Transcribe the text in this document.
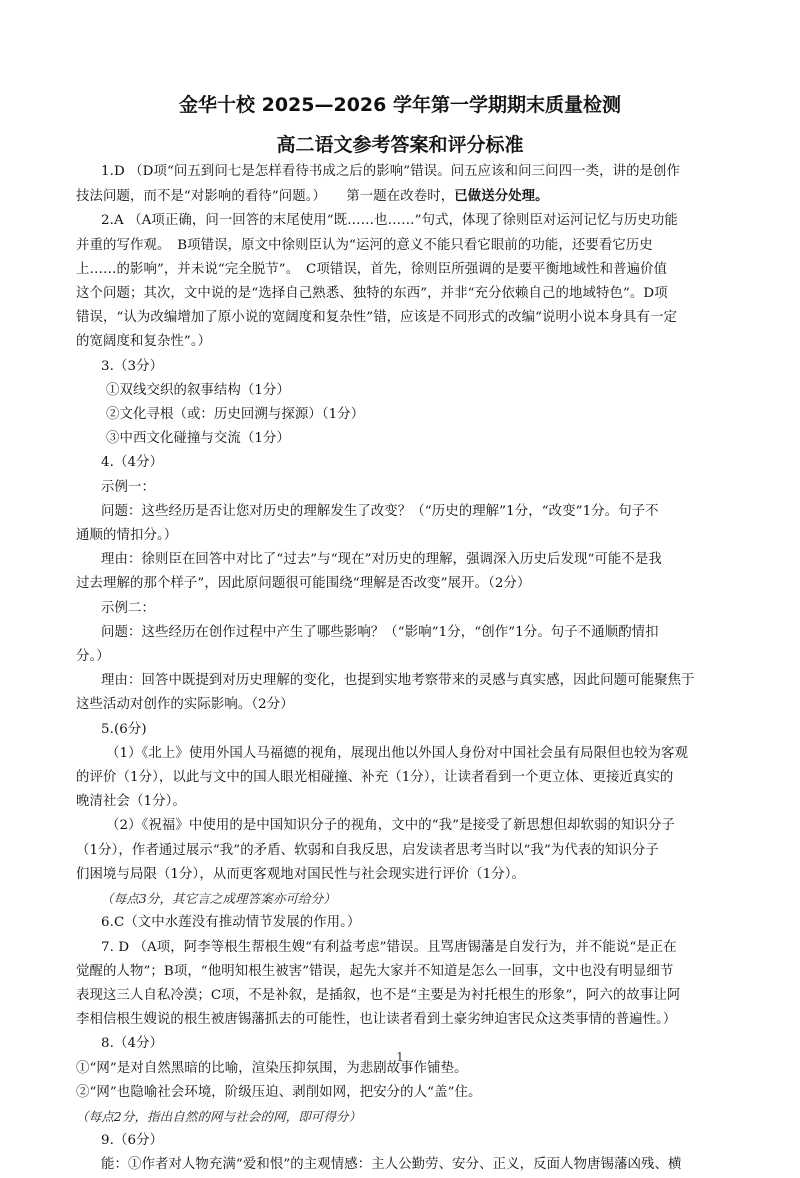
金华十校 2025—2026 学年第一学期期末质量检测
高二语文参考答案和评分标准

1.D （D项“问五到问七是怎样看待书成之后的影响”错误。问五应该和问三问四一类，讲的是创作

技法问题，而不是“对影响的看待”问题。）　　第一题在改卷时，已做送分处理。

2.A （A项正确，问一回答的末尾使用“既……也……”句式，体现了徐则臣对运河记忆与历史功能

并重的写作观。　B项错误，原文中徐则臣认为“运河的意义不能只看它眼前的功能，还要看它历史

上……的影响”，并未说“完全脱节”。　C项错误，首先，徐则臣所强调的是要平衡地域性和普遍价值

这个问题；其次，文中说的是“选择自己熟悉、独特的东西”，并非“充分依赖自己的地域特色”。D项

错误，“认为改编增加了原小说的宽阔度和复杂性”错，应该是不同形式的改编“说明小说本身具有一定

的宽阔度和复杂性”。）

3.（3分）

①双线交织的叙事结构（1分）

②文化寻根（或：历史回溯与探源）（1分）

③中西文化碰撞与交流（1分）

4.（4分）

示例一：

问题：这些经历是否让您对历史的理解发生了改变？（“历史的理解”1分，“改变”1分。句子不

通顺的情扣分。）

理由：徐则臣在回答中对比了“过去”与“现在”对历史的理解，强调深入历史后发现“可能不是我

过去理解的那个样子”，因此原问题很可能围绕“理解是否改变”展开。（2分）

示例二：

问题：这些经历在创作过程中产生了哪些影响？（“影响”1分，“创作”1分。句子不通顺酌情扣

分。）

理由：回答中既提到对历史理解的变化，也提到实地考察带来的灵感与真实感，因此问题可能聚焦于

这些活动对创作的实际影响。（2分）

5.(6分)

（1）《北上》使用外国人马福德的视角，展现出他以外国人身份对中国社会虽有局限但也较为客观

的评价（1分），以此与文中的国人眼光相碰撞、补充（1分），让读者看到一个更立体、更接近真实的

晚清社会（1分）。

（2）《祝福》中使用的是中国知识分子的视角，文中的“我”是接受了新思想但却软弱的知识分子

（1分），作者通过展示“我”的矛盾、软弱和自我反思，启发读者思考当时以“我”为代表的知识分子

们困境与局限（1分），从而更客观地对国民性与社会现实进行评价（1分）。

（每点3分，其它言之成理答案亦可给分）

6.C（文中水莲没有推动情节发展的作用。）

7. D （A项，阿李等根生帮根生嫂“有利益考虑”错误。且骂唐锡藩是自发行为，并不能说“是正在

觉醒的人物”；B项，“他明知根生被害”错误，起先大家并不知道是怎么一回事，文中也没有明显细节

表现这三人自私冷漠；C项，不是补叙，是插叙，也不是“主要是为衬托根生的形象”，阿六的故事让阿

李相信根生嫂说的根生被唐锡藩抓去的可能性，也让读者看到土豪劣绅迫害民众这类事情的普遍性。）

8.（4分）

①“网”是对自然黑暗的比喻，渲染压抑氛围，为悲剧故事作铺垫。

②“网”也隐喻社会环境，阶级压迫、剥削如网，把安分的人“盖”住。

（每点2分，指出自然的网与社会的网，即可得分）

9.（6分）

能：①作者对人物充满“爱和恨”的主观情感：主人公勤劳、安分、正义，反面人物唐锡藩凶残、横

1
